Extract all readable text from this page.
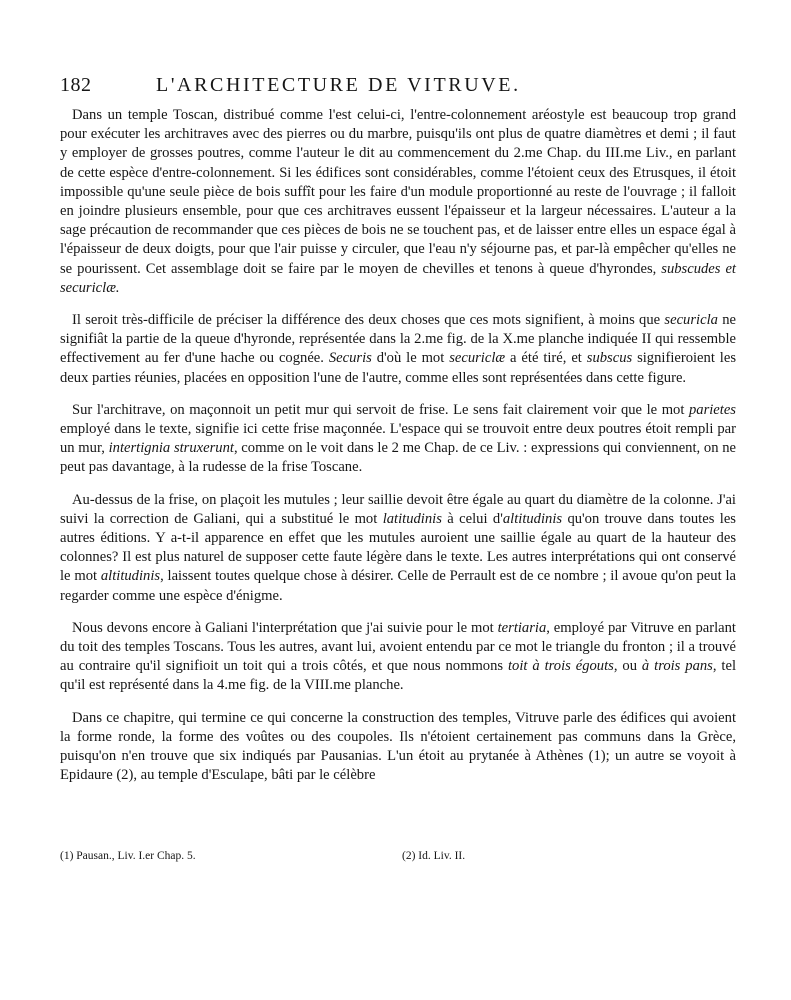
182	L'ARCHITECTURE DE VITRUVE.

Dans un temple Toscan, distribué comme l'est celui-ci, l'entre-colonnement aréostyle est beaucoup trop grand pour exécuter les architraves avec des pierres ou du marbre, puisqu'ils ont plus de quatre diamètres et demi ; il faut y employer de grosses poutres, comme l'auteur le dit au commencement du 2.me Chap. du III.me Liv., en parlant de cette espèce d'entre-colonnement. Si les édifices sont considérables, comme l'étoient ceux des Etrusques, il étoit impossible qu'une seule pièce de bois suffît pour les faire d'un module proportionné au reste de l'ouvrage ; il falloit en joindre plusieurs ensemble, pour que ces architraves eussent l'épaisseur et la largeur nécessaires. L'auteur a la sage précaution de recommander que ces pièces de bois ne se touchent pas, et de laisser entre elles un espace égal à l'épaisseur de deux doigts, pour que l'air puisse y circuler, que l'eau n'y séjourne pas, et par-là empêcher qu'elles ne se pourissent. Cet assemblage doit se faire par le moyen de chevilles et tenons à queue d'hyrondes, subscudes et securiclæ.

Il seroit très-difficile de préciser la différence des deux choses que ces mots signifient, à moins que securicla ne signifiât la partie de la queue d'hyronde, représentée dans la 2.me fig. de la X.me planche indiquée II qui ressemble effectivement au fer d'une hache ou cognée. Securis d'où le mot securiclæ a été tiré, et subscus signifieroient les deux parties réunies, placées en opposition l'une de l'autre, comme elles sont représentées dans cette figure.

Sur l'architrave, on maçonnoit un petit mur qui servoit de frise. Le sens fait clairement voir que le mot parietes employé dans le texte, signifie ici cette frise maçonnée. L'espace qui se trouvoit entre deux poutres étoit rempli par un mur, intertignia struxerunt, comme on le voit dans le 2 me Chap. de ce Liv. : expressions qui conviennent, on ne peut pas davantage, à la rudesse de la frise Toscane.

Au-dessus de la frise, on plaçoit les mutules ; leur saillie devoit être égale au quart du diamètre de la colonne. J'ai suivi la correction de Galiani, qui a substitué le mot latitudinis à celui d'altitudinis qu'on trouve dans toutes les autres éditions. Y a-t-il apparence en effet que les mutules auroient une saillie égale au quart de la hauteur des colonnes? Il est plus naturel de supposer cette faute légère dans le texte. Les autres interprétations qui ont conservé le mot altitudinis, laissent toutes quelque chose à désirer. Celle de Perrault est de ce nombre ; il avoue qu'on peut la regarder comme une espèce d'énigme.

Nous devons encore à Galiani l'interprétation que j'ai suivie pour le mot tertiaria, employé par Vitruve en parlant du toit des temples Toscans. Tous les autres, avant lui, avoient entendu par ce mot le triangle du fronton ; il a trouvé au contraire qu'il signifioit un toit qui a trois côtés, et que nous nommons toit à trois égouts, ou à trois pans, tel qu'il est représenté dans la 4.me fig. de la VIII.me planche.

Dans ce chapitre, qui termine ce qui concerne la construction des temples, Vitruve parle des édifices qui avoient la forme ronde, la forme des voûtes ou des coupoles. Ils n'étoient certainement pas communs dans la Grèce, puisqu'on n'en trouve que six indiqués par Pausanias. L'un étoit au prytanée à Athènes (1); un autre se voyoit à Epidaure (2), au temple d'Esculape, bâti par le célèbre

(1) Pausan., Liv. I.er Chap. 5.	(2) Id. Liv. II.
